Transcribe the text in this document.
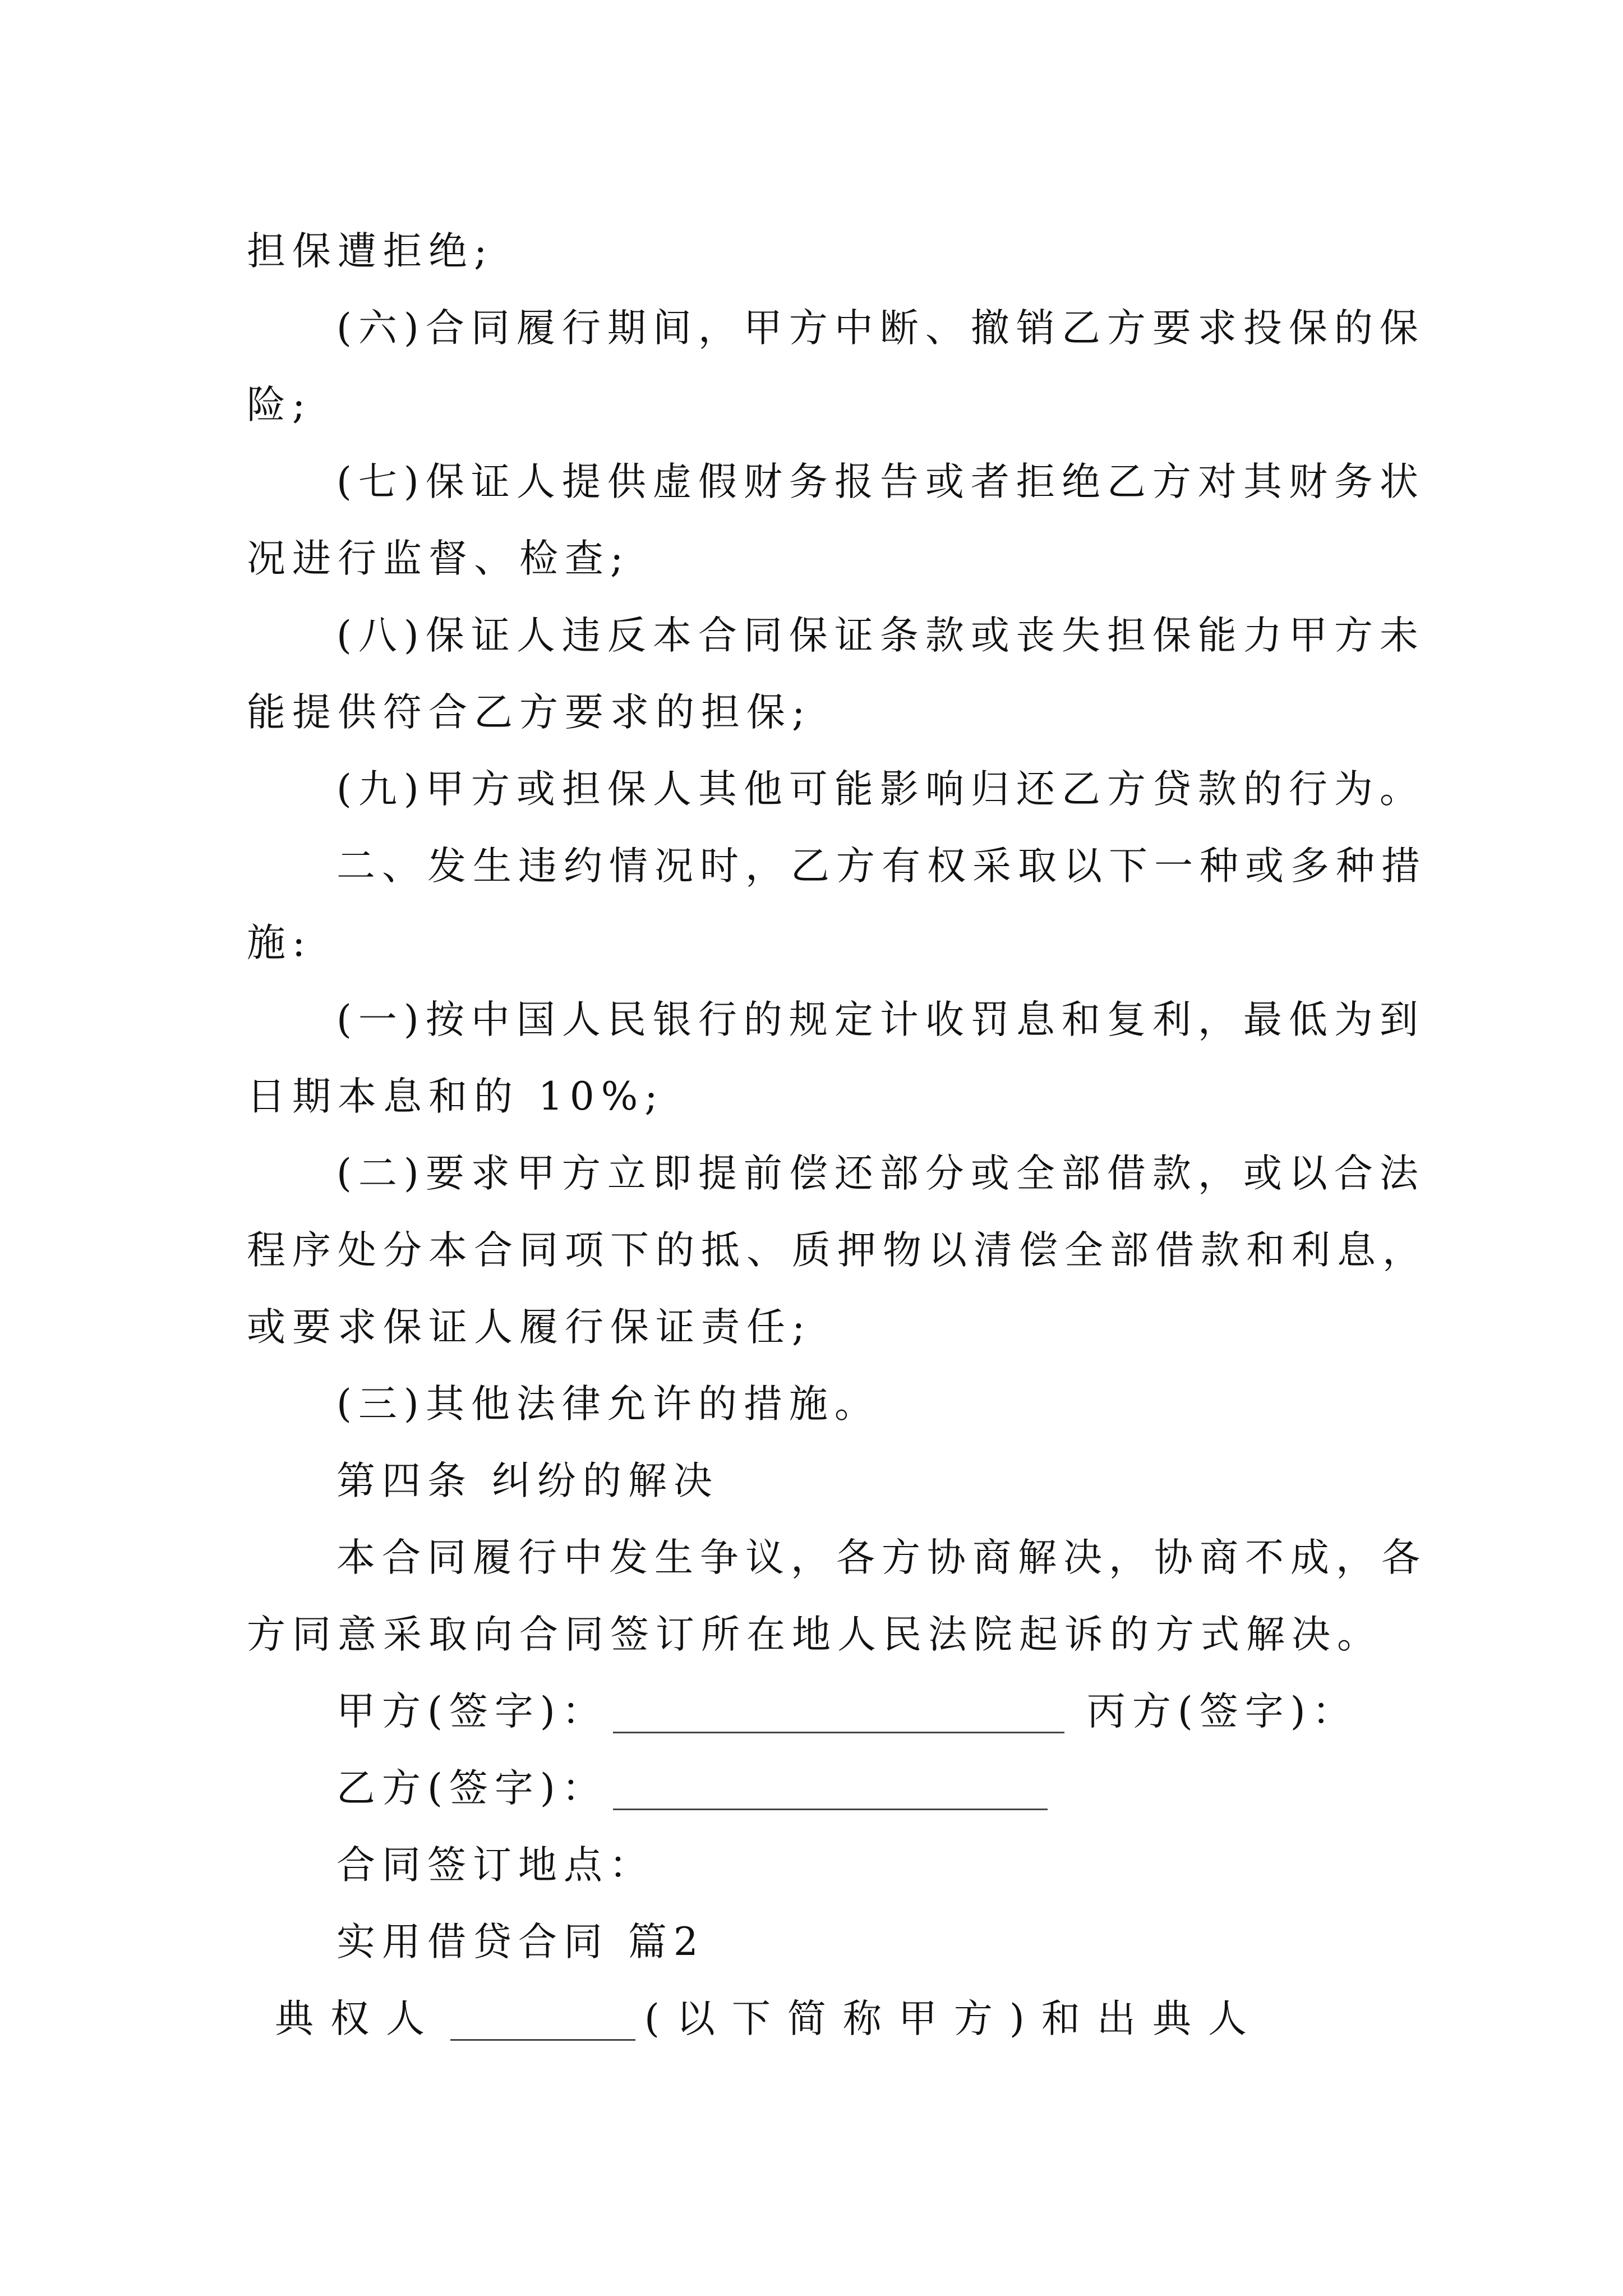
担保遭拒绝;

(六)合同履行期间，甲方中断、撤销乙方要求投保的保

险;

(七)保证人提供虚假财务报告或者拒绝乙方对其财务状

况进行监督、检查;

(八)保证人违反本合同保证条款或丧失担保能力甲方未

能提供符合乙方要求的担保;

(九)甲方或担保人其他可能影响归还乙方贷款的行为。

二、发生违约情况时，乙方有权采取以下一种或多种措

施:

(一)按中国人民银行的规定计收罚息和复利，最低为到

日期本息和的 10%;

(二)要求甲方立即提前偿还部分或全部借款，或以合法

程序处分本合同项下的抵、质押物以清偿全部借款和利息，

或要求保证人履行保证责任;

(三)其他法律允许的措施。

第四条 纠纷的解决

本合同履行中发生争议，各方协商解决，协商不成，各

方同意采取向合同签订所在地人民法院起诉的方式解决。

甲方(签字)：	丙方(签字)：
乙方(签字)：

合同签订地点：

实用借贷合同 篇2

典权人	(以下简称甲方)和出典人
